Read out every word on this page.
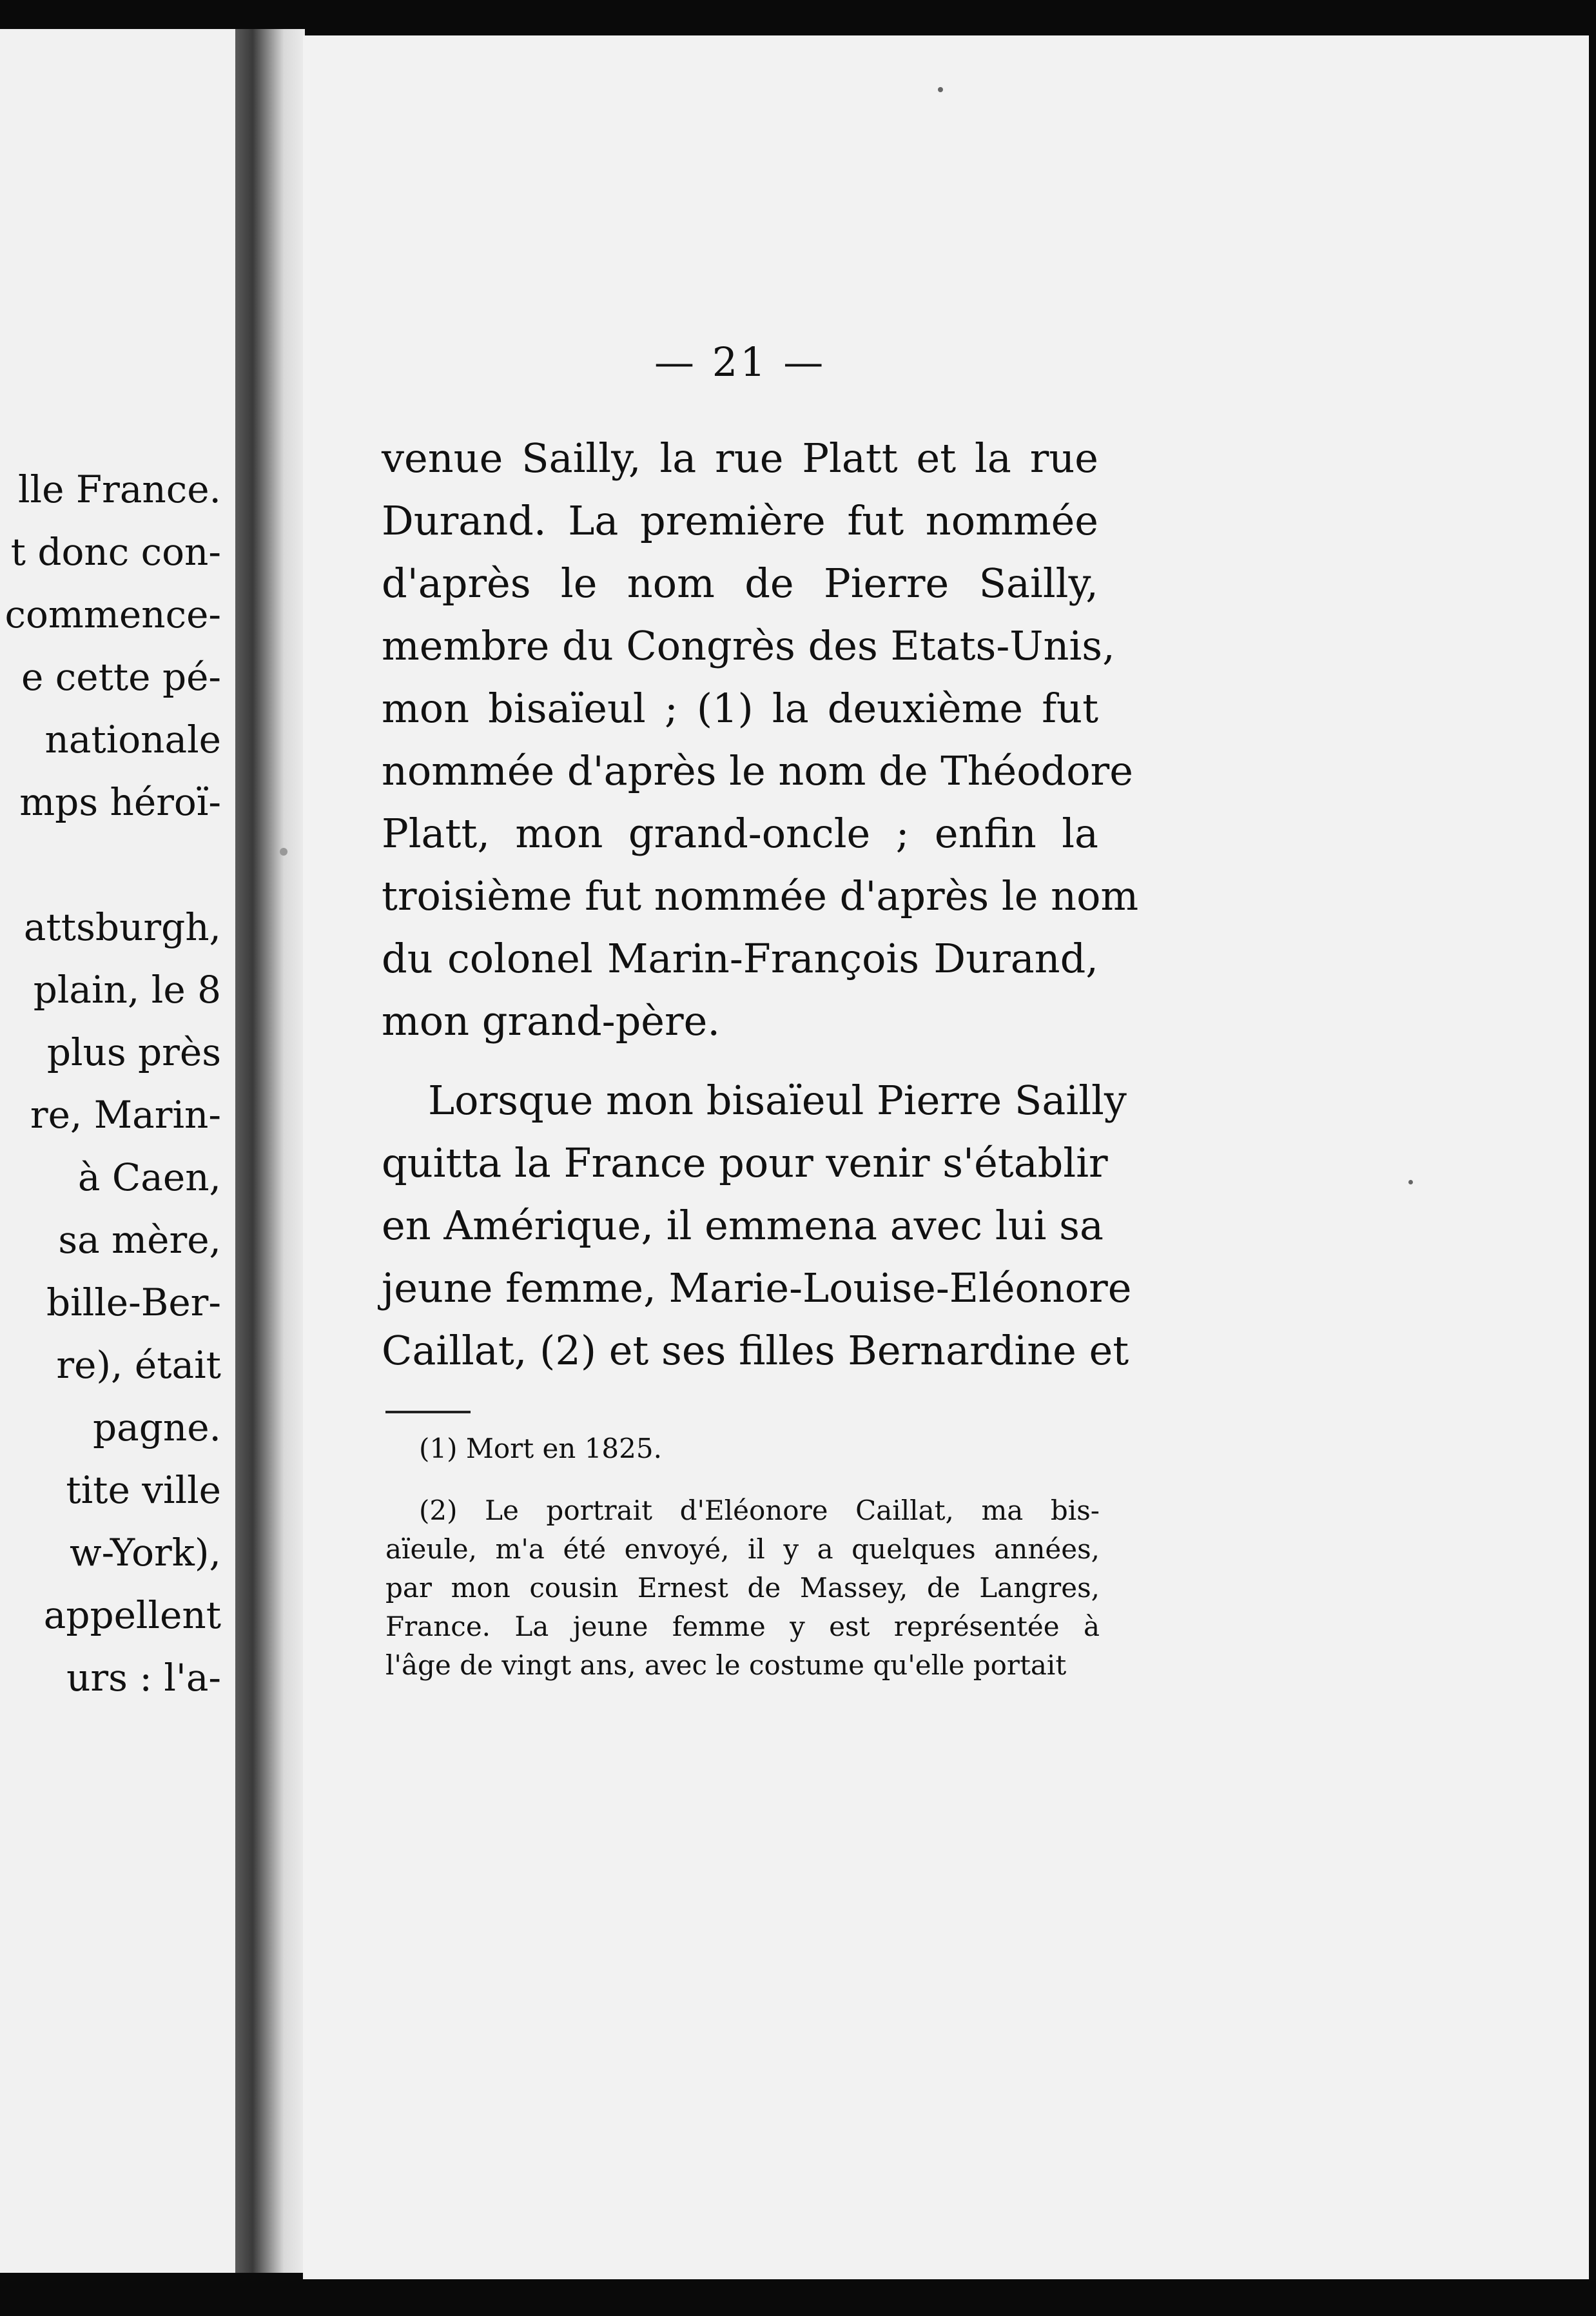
lle France.
t donc con-
commence-
e cette pé-
nationale
mps héroï-
attsburgh,
plain, le 8
plus près
re, Marin-
à Caen,
sa mère,
bille-Ber-
re), était
pagne.
tite ville
w-York),
appellent
urs : l'a-
— 21 —
venue Sailly, la rue Platt et la rue
Durand. La première fut nommée
d'après le nom de Pierre Sailly,
membre du Congrès des Etats-Unis,
mon bisaïeul ; (1) la deuxième fut
nommée d'après le nom de Théodore
Platt, mon grand-oncle ; enfin la
troisième fut nommée d'après le nom
du colonel Marin-François Durand,
mon grand-père.
Lorsque mon bisaïeul Pierre Sailly
quitta la France pour venir s'établir
en Amérique, il emmena avec lui sa
jeune femme, Marie-Louise-Eléonore
Caillat, (2) et ses filles Bernardine et
(1) Mort en 1825.
(2) Le portrait d'Eléonore Caillat, ma bis-
aïeule, m'a été envoyé, il y a quelques années,
par mon cousin Ernest de Massey, de Langres,
France. La jeune femme y est représentée à
l'âge de vingt ans, avec le costume qu'elle portait
